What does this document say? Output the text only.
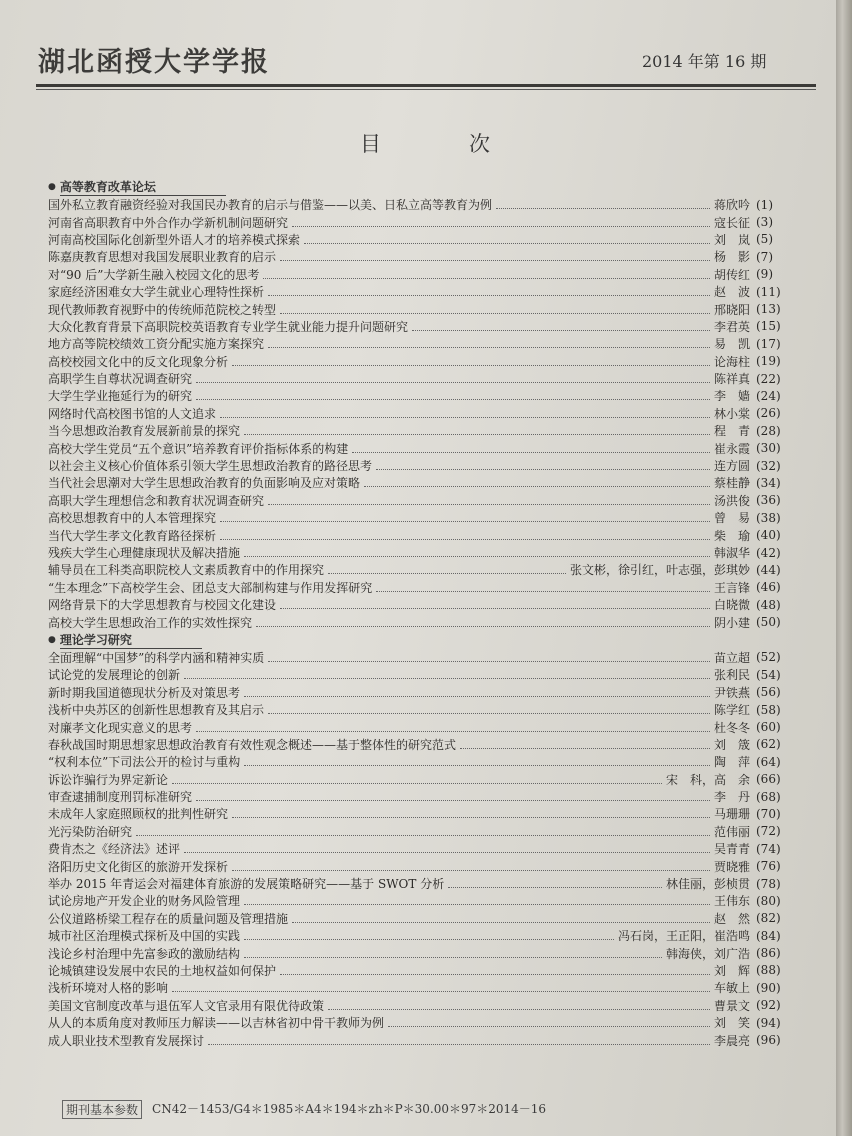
湖北函授大学学报	2014 年第 16 期
目	次
● 高等教育改革论坛
国外私立教育融资经验对我国民办教育的启示与借鉴——以美、日私立高等教育为例	蒋欣吟 (1)
河南省高职教育中外合作办学新机制问题研究	寇长征 (3)
河南高校国际化创新型外语人才的培养模式探索	刘　岚 (5)
陈嘉庚教育思想对我国发展职业教育的启示	杨　影 (7)
对“90 后”大学新生融入校园文化的思考	胡传红 (9)
家庭经济困难女大学生就业心理特性探析	赵　波 (11)
现代教师教育视野中的传统师范院校之转型	邢晓阳 (13)
大众化教育背景下高职院校英语教育专业学生就业能力提升问题研究	李君英 (15)
地方高等院校绩效工资分配实施方案探究	易　凯 (17)
高校校园文化中的反文化现象分析	论海柱 (19)
高职学生自尊状况调查研究	陈祥真 (22)
大学生学业拖延行为的研究	李　嫱 (24)
网络时代高校图书馆的人文追求	林小棠 (26)
当今思想政治教育发展新前景的探究	程　青 (28)
高校大学生党员“五个意识”培养教育评价指标体系的构建	崔永霞 (30)
以社会主义核心价值体系引领大学生思想政治教育的路径思考	连方圆 (32)
当代社会思潮对大学生思想政治教育的负面影响及应对策略	蔡桂静 (34)
高职大学生理想信念和教育状况调查研究	汤洪俊 (36)
高校思想教育中的人本管理探究	曾　易 (38)
当代大学生孝文化教育路径探析	柴　瑜 (40)
残疾大学生心理健康现状及解决措施	韩淑华 (42)
辅导员在工科类高职院校人文素质教育中的作用探究	张文彬，徐引红，叶志强，彭琪妙 (44)
“生本理念”下高校学生会、团总支大部制构建与作用发挥研究	王言锋 (46)
网络背景下的大学思想教育与校园文化建设	白晓微 (48)
高校大学生思想政治工作的实效性探究	阴小建 (50)
● 理论学习研究
全面理解“中国梦”的科学内涵和精神实质	苗立超 (52)
试论党的发展理论的创新	张利民 (54)
新时期我国道德现状分析及对策思考	尹铁燕 (56)
浅析中央苏区的创新性思想教育及其启示	陈学红 (58)
对廉孝文化现实意义的思考	杜冬冬 (60)
春秋战国时期思想家思想政治教育有效性观念概述——基于整体性的研究范式	刘　筬 (62)
“权利本位”下司法公开的检讨与重构	陶　萍 (64)
诉讼诈骗行为界定新论	宋　科，高　余 (66)
审查逮捕制度刑罚标准研究	李　丹 (68)
未成年人家庭照顾权的批判性研究	马珊珊 (70)
光污染防治研究	范伟丽 (72)
费肯杰之《经济法》述评	吴青青 (74)
洛阳历史文化街区的旅游开发探析	贾晓雅 (76)
举办 2015 年青运会对福建体育旅游的发展策略研究——基于 SWOT 分析	林佳丽，彭桢贯 (78)
试论房地产开发企业的财务风险管理	王伟东 (80)
公仪道路桥梁工程存在的质量问题及管理措施	赵　然 (82)
城市社区治理模式探析及中国的实践	冯石岗，王正阳，崔浩鸣 (84)
浅论乡村治理中先富参政的激励结构	韩海侠，刘广浩 (86)
论城镇建设发展中农民的土地权益如何保护	刘　辉 (88)
浅析环境对人格的影响	车敏上 (90)
美国文官制度改革与退伍军人文官录用有限优待政策	曹景文 (92)
从人的本质角度对教师压力解读——以吉林省初中骨干教师为例	刘　笑 (94)
成人职业技术型教育发展探讨	李晨亮 (96)
期刊基本参数	CN42－1453/G4＊1985＊A4＊194＊zh＊P＊30.00＊97＊2014－16
